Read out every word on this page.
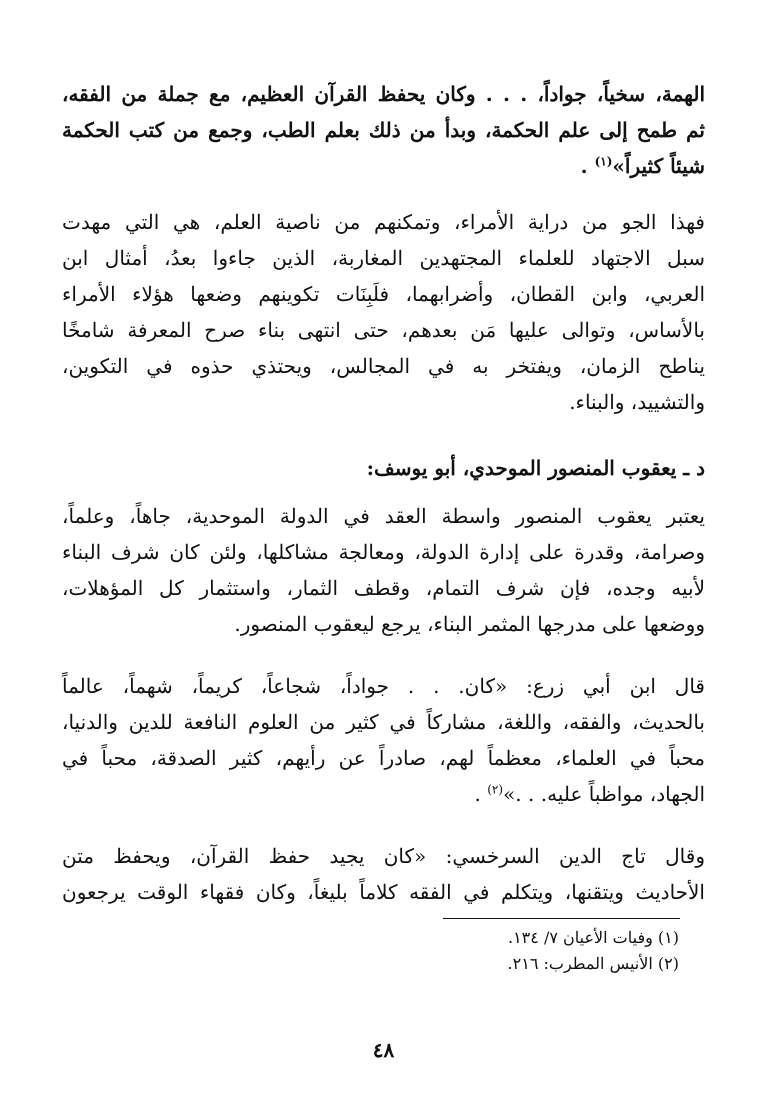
الهمة، سخياً، جواداً، . . . وكان يحفظ القرآن العظيم، مع جملة من الفقه،
ثم طمح إلى علم الحكمة، وبدأ من ذلك بعلم الطب، وجمع من كتب الحكمة
شيئاً كثيراً»$^{(١)}$ .
فهذا الجو من دراية الأمراء، وتمكنهم من ناصية العلم، هي التي مهدت
سبل الاجتهاد للعلماء المجتهدين المغاربة، الذين جاءوا بعدُ، أمثال ابن
العربي، وابن القطان، وأضرابهما، فلَبِنَات تكوينهم وضعها هؤلاء الأمراء
بالأساس، وتوالى عليها مَن بعدهم، حتى انتهى بناء صرح المعرفة شامخًا
يناطح الزمان، ويفتخر به في المجالس، ويحتذي حذوه في التكوين،
والتشييد، والبناء.
د ـ يعقوب المنصور الموحدي، أبو يوسف:
يعتبر يعقوب المنصور واسطة العقد في الدولة الموحدية، جاهاً، وعلماً،
وصرامة، وقدرة على إدارة الدولة، ومعالجة مشاكلها، ولئن كان شرف البناء
لأبيه وجده، فإن شرف التمام، وقطف الثمار، واستثمار كل المؤهلات،
ووضعها على مدرجها المثمر البناء، يرجع ليعقوب المنصور.
قال ابن أبي زرع: «كان. . . جواداً، شجاعاً، كريماً، شهماً، عالماً
بالحديث، والفقه، واللغة، مشاركاً في كثير من العلوم النافعة للدين والدنيا،
محباً في العلماء، معظماً لهم، صادراً عن رأيهم، كثير الصدقة، محباً في
الجهاد، مواظباً عليه. . .»$^{(٢)}$ .
وقال تاج الدين السرخسي: «كان يجيد حفظ القرآن، ويحفظ متن
الأحاديث ويتقنها، ويتكلم في الفقه كلاماً بليغاً، وكان فقهاء الوقت يرجعون
(١) وفيات الأعيان ٧/ ١٣٤.
(٢) الأنيس المطرب: ٢١٦.
٤٨
